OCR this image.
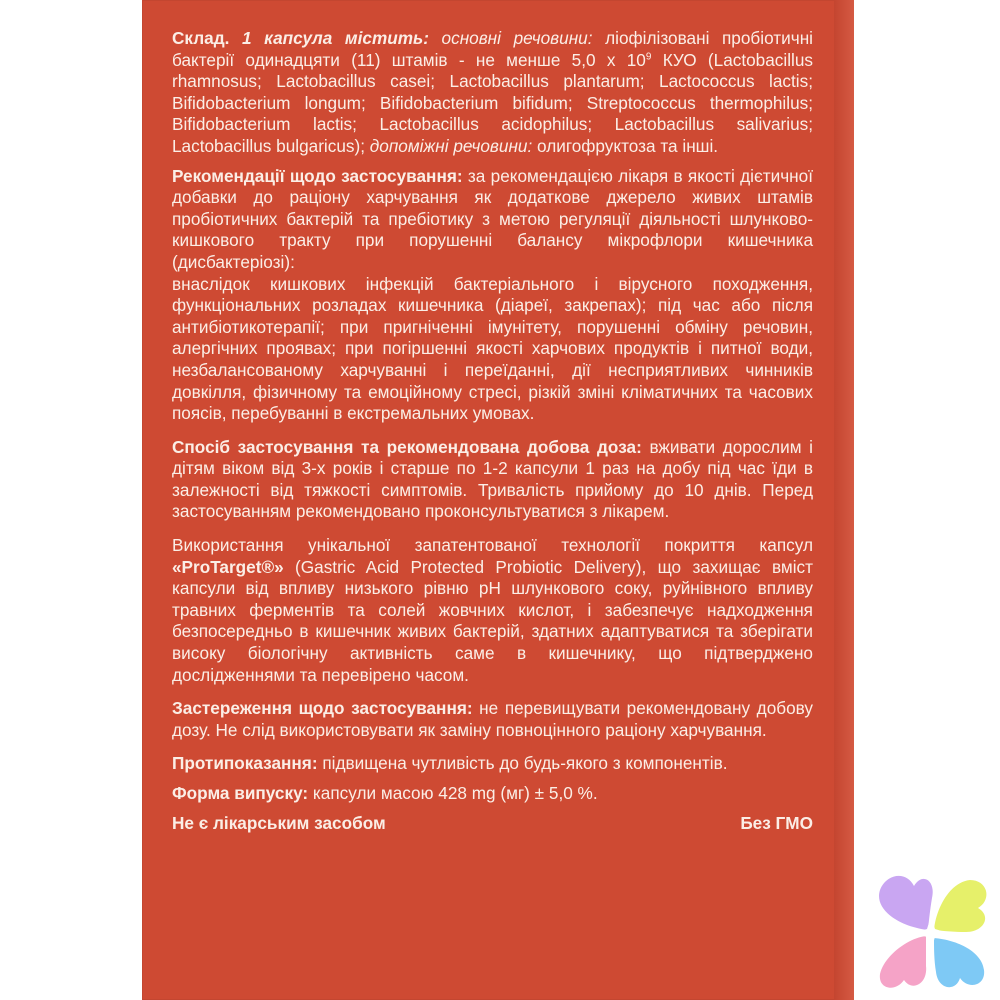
Склад. 1 капсула містить: основні речовини: ліофілізовані пробіотичні бактерії одинадцяти (11) штамів - не менше 5,0 х $10^9$ КУО (Lactobacillus rhamnosus; Lactobacillus casei; Lactobacillus plantarum; Lactococcus lactis; Bifidobacterium longum; Bifidobacterium bifidum; Streptococcus thermophilus; Bifidobacterium lactis; Lactobacillus acidophilus; Lactobacillus salivarius; Lactobacillus bulgaricus); допоміжні речовини: олигофруктоза та інші.

Рекомендації щодо застосування: за рекомендацією лікаря в якості дієтичної добавки до раціону харчування як додаткове джерело живих штамів пробіотичних бактерій та пребіотику з метою регуляції діяльності шлунково-кишкового тракту при порушенні балансу мікрофлори кишечника (дисбактеріозі):
внаслідок кишкових інфекцій бактеріального і вірусного походження, функціональних розладах кишечника (діареї, закрепах); під час або після антибіотикотерапії; при пригніченні імунітету, порушенні обміну речовин, алергічних проявах; при погіршенні якості харчових продуктів і питної води, незбалансованому харчуванні і переїданні, дії несприятливих чинників довкілля, фізичному та емоційному стресі, різкій зміні кліматичних та часових поясів, перебуванні в екстремальних умовах.

Спосіб застосування та рекомендована добова доза: вживати дорослим і дітям віком від 3-х років і старше по 1-2 капсули 1 раз на добу під час їди в залежності від тяжкості симптомів. Тривалість прийому до 10 днів. Перед застосуванням рекомендовано проконсультуватися з лікарем.

Використання унікальної запатентованої технології покриття капсул «ProTarget®» (Gastric Acid Protected Probiotic Delivery), що захищає вміст капсули від впливу низького рівню pH шлункового соку, руйнівного впливу травних ферментів та солей жовчних кислот, і забезпечує надходження безпосередньо в кишечник живих бактерій, здатних адаптуватися та зберігати високу біологічну активність саме в кишечнику, що підтверджено дослідженнями та перевірено часом.

Застереження щодо застосування: не перевищувати рекомендовану добову дозу. Не слід використовувати як заміну повноцінного раціону харчування.

Протипоказання: підвищена чутливість до будь-якого з компонентів.

Форма випуску: капсули масою 428 mg (мг) ± 5,0 %.

Не є лікарським засобом	Без ГМО
